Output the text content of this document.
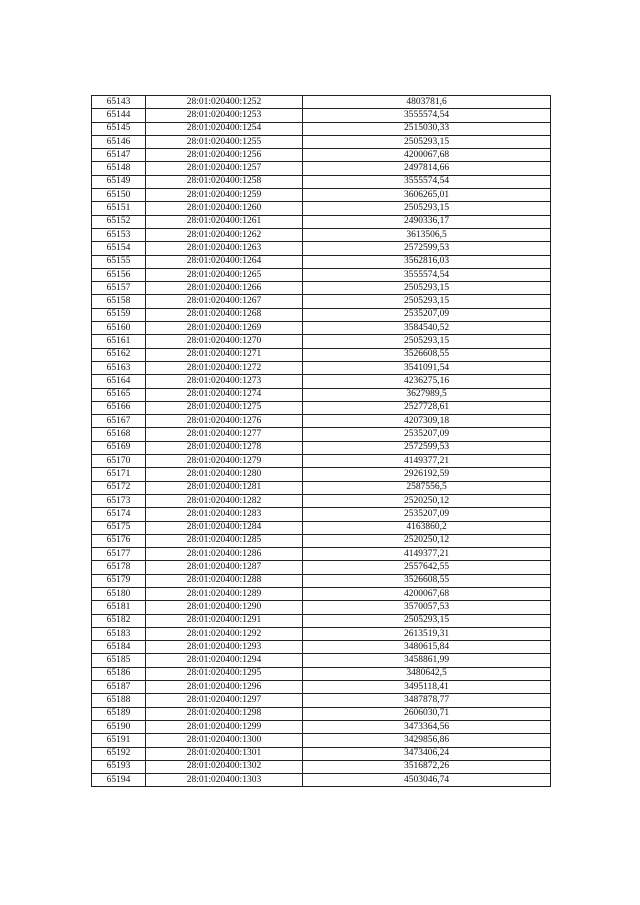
65143	28:01:020400:1252	4803781,6
65144	28:01:020400:1253	3555574,54
65145	28:01:020400:1254	2515030,33
65146	28:01:020400:1255	2505293,15
65147	28:01:020400:1256	4200067,68
65148	28:01:020400:1257	2497814,66
65149	28:01:020400:1258	3555574,54
65150	28:01:020400:1259	3606265,01
65151	28:01:020400:1260	2505293,15
65152	28:01:020400:1261	2490336,17
65153	28:01:020400:1262	3613506,5
65154	28:01:020400:1263	2572599,53
65155	28:01:020400:1264	3562816,03
65156	28:01:020400:1265	3555574,54
65157	28:01:020400:1266	2505293,15
65158	28:01:020400:1267	2505293,15
65159	28:01:020400:1268	2535207,09
65160	28:01:020400:1269	3584540,52
65161	28:01:020400:1270	2505293,15
65162	28:01:020400:1271	3526608,55
65163	28:01:020400:1272	3541091,54
65164	28:01:020400:1273	4236275,16
65165	28:01:020400:1274	3627989,5
65166	28:01:020400:1275	2527728,61
65167	28:01:020400:1276	4207309,18
65168	28:01:020400:1277	2535207,09
65169	28:01:020400:1278	2572599,53
65170	28:01:020400:1279	4149377,21
65171	28:01:020400:1280	2926192,59
65172	28:01:020400:1281	2587556,5
65173	28:01:020400:1282	2520250,12
65174	28:01:020400:1283	2535207,09
65175	28:01:020400:1284	4163860,2
65176	28:01:020400:1285	2520250,12
65177	28:01:020400:1286	4149377,21
65178	28:01:020400:1287	2557642,55
65179	28:01:020400:1288	3526608,55
65180	28:01:020400:1289	4200067,68
65181	28:01:020400:1290	3570057,53
65182	28:01:020400:1291	2505293,15
65183	28:01:020400:1292	2613519,31
65184	28:01:020400:1293	3480615,84
65185	28:01:020400:1294	3458861,99
65186	28:01:020400:1295	3480642,5
65187	28:01:020400:1296	3495118,41
65188	28:01:020400:1297	3487878,77
65189	28:01:020400:1298	2606030,71
65190	28:01:020400:1299	3473364,56
65191	28:01:020400:1300	3429856,86
65192	28:01:020400:1301	3473406,24
65193	28:01:020400:1302	3516872,26
65194	28:01:020400:1303	4503046,74
